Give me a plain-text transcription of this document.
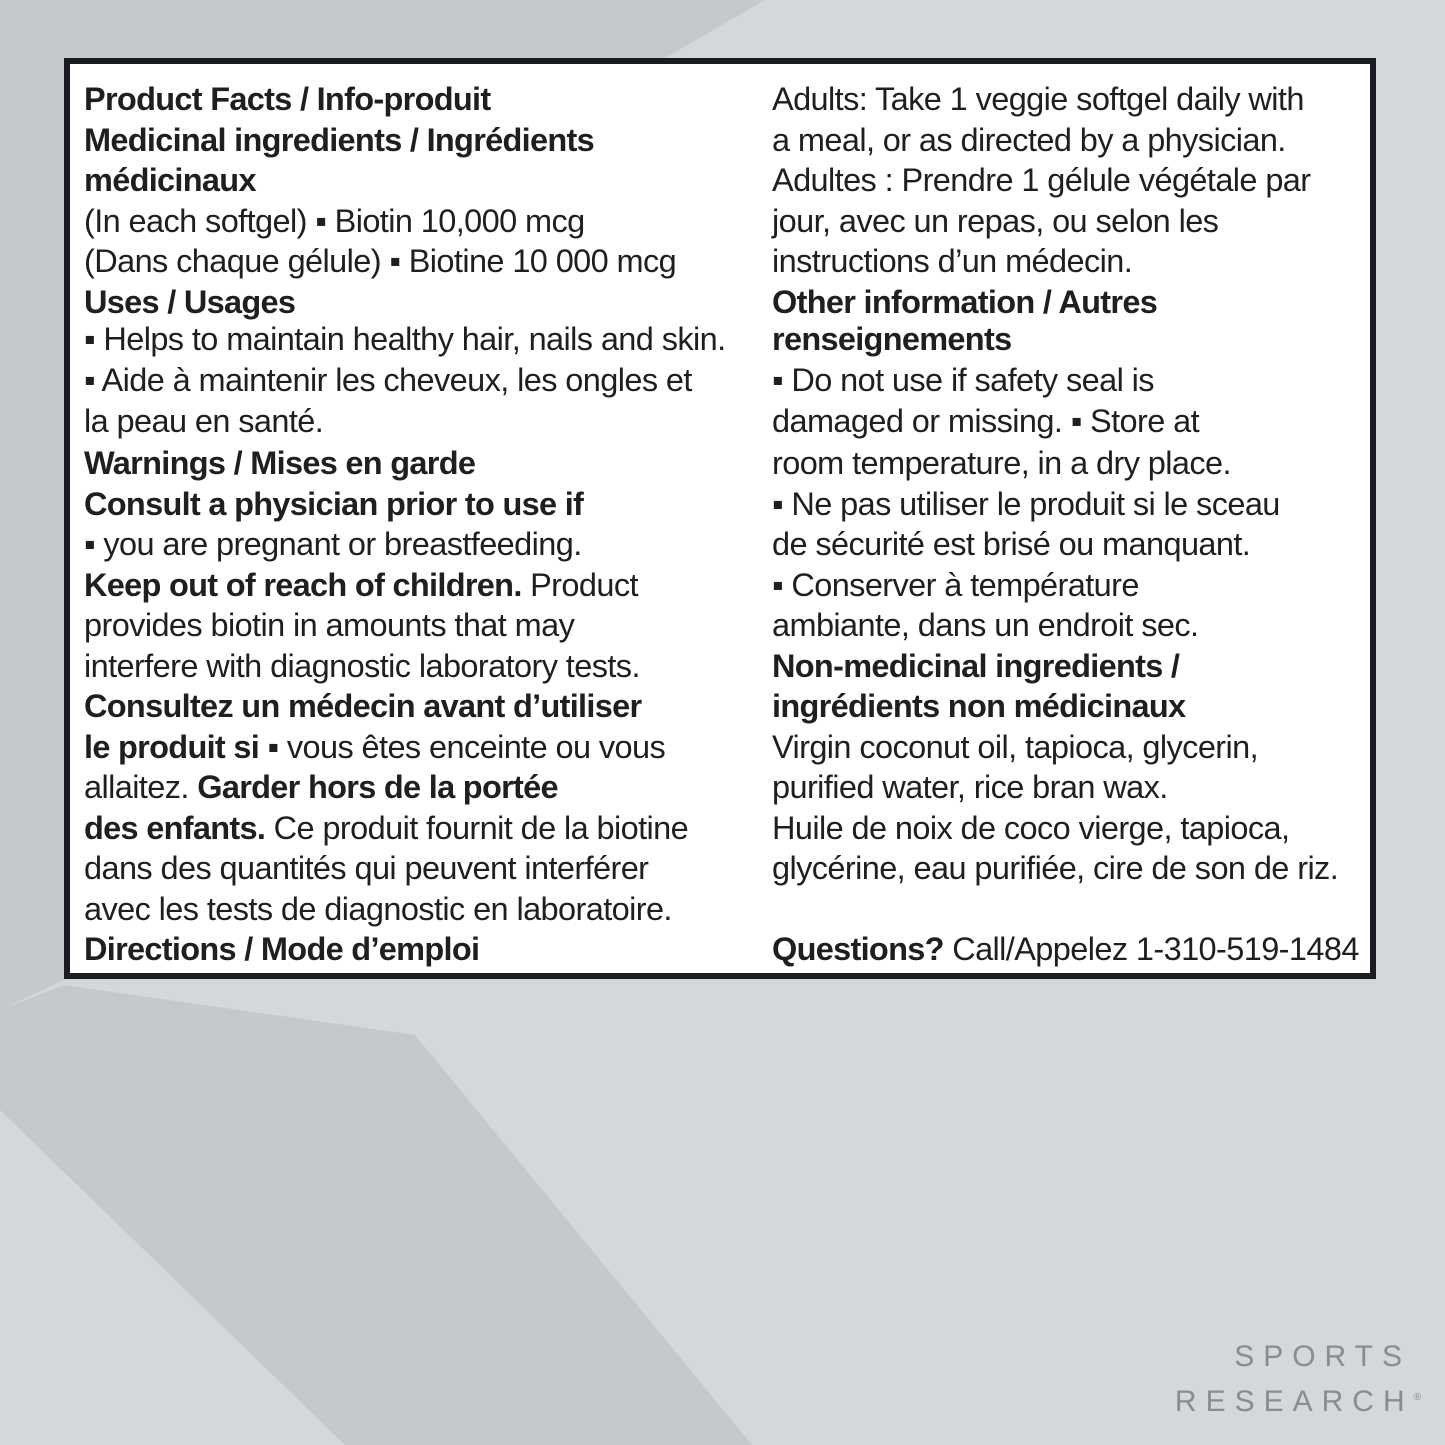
Product Facts / Info-produit
Medicinal ingredients / Ingrédients
médicinaux
(In each softgel) ▪ Biotin 10,000 mcg
(Dans chaque gélule) ▪ Biotine 10 000 mcg
Uses / Usages
▪ Helps to maintain healthy hair, nails and skin.
▪ Aide à maintenir les cheveux, les ongles et
la peau en santé.
Warnings / Mises en garde
Consult a physician prior to use if
▪ you are pregnant or breastfeeding.
Keep out of reach of children. Product
provides biotin in amounts that may
interfere with diagnostic laboratory tests.
Consultez un médecin avant d’utiliser
le produit si ▪ vous êtes enceinte ou vous
allaitez. Garder hors de la portée
des enfants. Ce produit fournit de la biotine
dans des quantités qui peuvent interférer
avec les tests de diagnostic en laboratoire.
Directions / Mode d’emploi
Adults: Take 1 veggie softgel daily with
a meal, or as directed by a physician.
Adultes : Prendre 1 gélule végétale par
jour, avec un repas, ou selon les
instructions d’un médecin.
Other information / Autres
renseignements
▪ Do not use if safety seal is
damaged or missing. ▪ Store at
room temperature, in a dry place.
▪ Ne pas utiliser le produit si le sceau
de sécurité est brisé ou manquant.
▪ Conserver à température
ambiante, dans un endroit sec.
Non-medicinal ingredients /
ingrédients non médicinaux
Virgin coconut oil, tapioca, glycerin,
purified water, rice bran wax.
Huile de noix de coco vierge, tapioca,
glycérine, eau purifiée, cire de son de riz.
Questions? Call/Appelez 1-310-519-1484
SPORTS
RESEARCH®
